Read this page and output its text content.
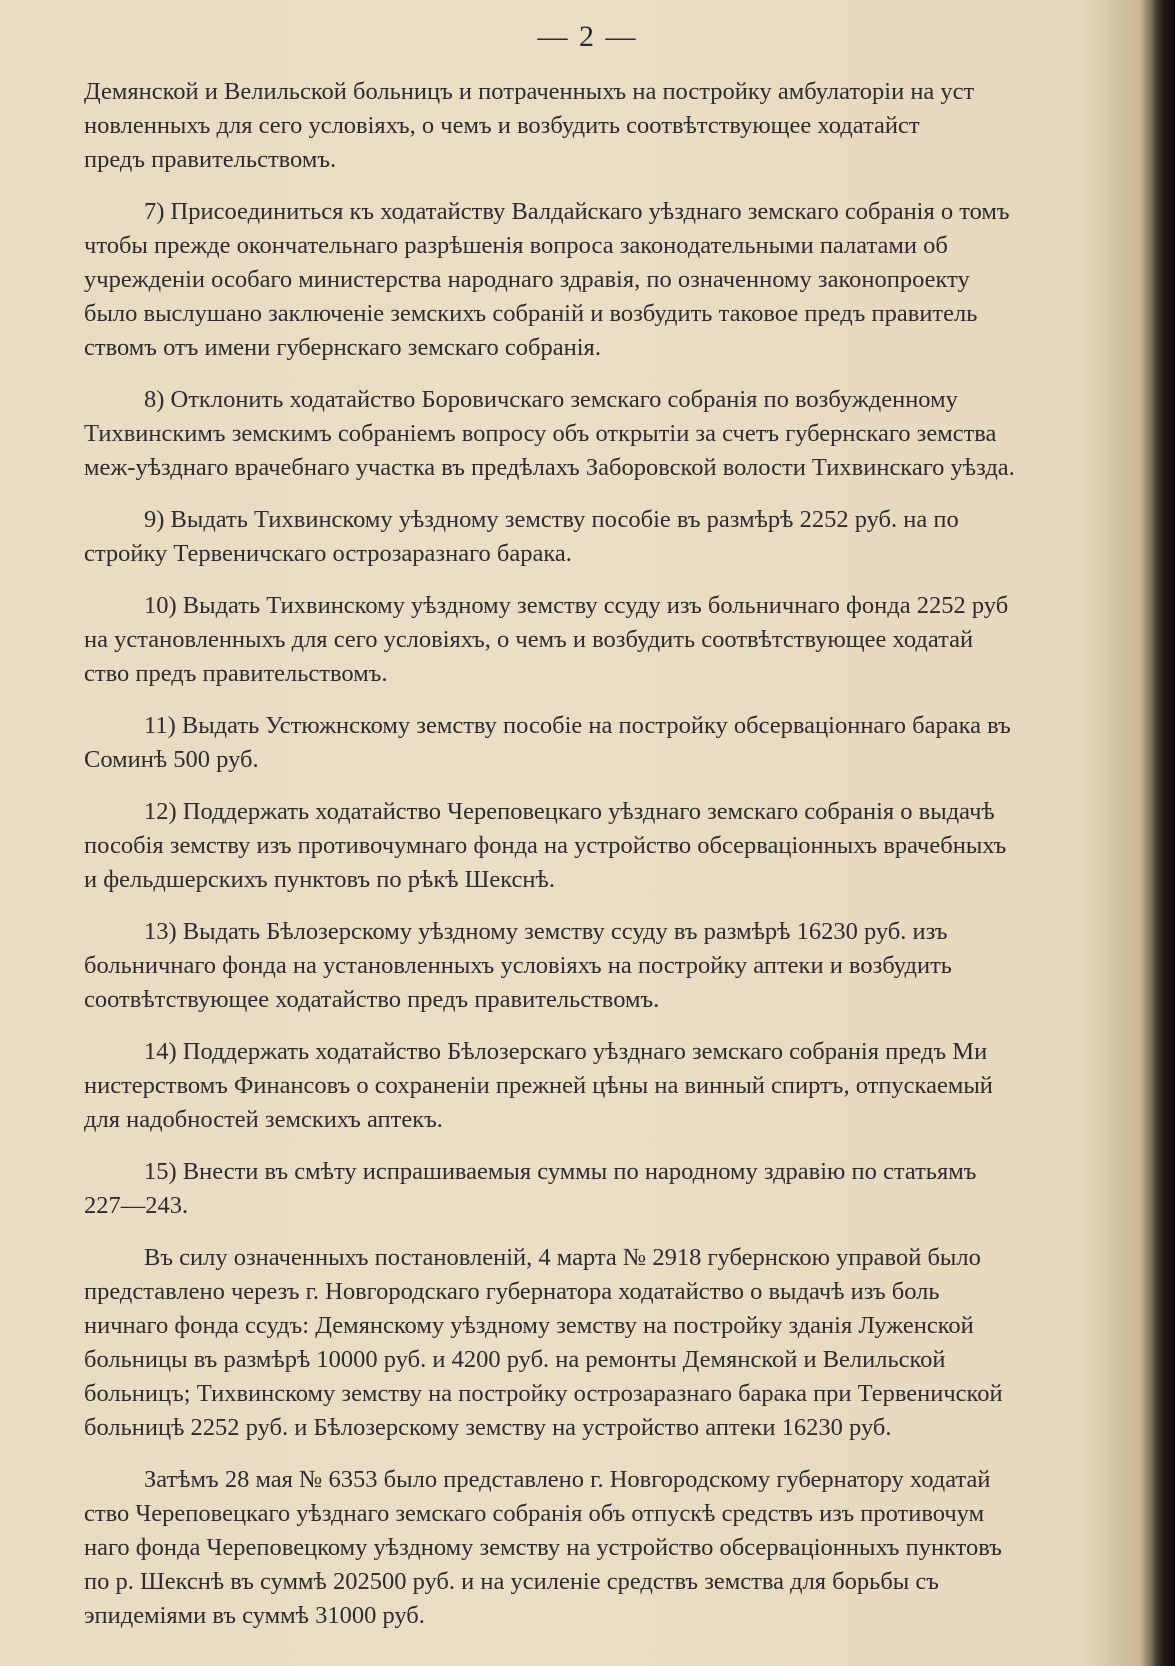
— 2 —
Демянской и Велильской больницъ и потраченныхъ на постройку амбулаторіи на уст
новленныхъ для сего условіяхъ, о чемъ и возбудить соотвѣтствующее ходатайст
предъ правительствомъ.
7) Присоединиться къ ходатайству Валдайскаго уѣзднаго земскаго собранія о томъ
чтобы прежде окончательнаго разрѣшенія вопроса законодательными палатами об
учрежденіи особаго министерства народнаго здравія, по означенному законопроекту
было выслушано заключеніе земскихъ собраній и возбудить таковое предъ правитель
ствомъ отъ имени губернскаго земскаго собранія.
8) Отклонить ходатайство Боровичскаго земскаго собранія по возбужденному
Тихвинскимъ земскимъ собраніемъ вопросу объ открытіи за счетъ губернскаго земства
меж-уѣзднаго врачебнаго участка въ предѣлахъ Заборовской волости Тихвинскаго уѣзда.
9) Выдать Тихвинскому уѣздному земству пособіе въ размѣрѣ 2252 руб. на по
стройку Тервеничскаго острозаразнаго барака.
10) Выдать Тихвинскому уѣздному земству ссуду изъ больничнаго фонда 2252 руб
на установленныхъ для сего условіяхъ, о чемъ и возбудить соотвѣтствующее ходатай
ство предъ правительствомъ.
11) Выдать Устюжнскому земству пособіе на постройку обсерваціоннаго барака въ
Соминѣ 500 руб.
12) Поддержать ходатайство Череповецкаго уѣзднаго земскаго собранія о выдачѣ
пособія земству изъ противочумнаго фонда на устройство обсерваціонныхъ врачебныхъ
и фельдшерскихъ пунктовъ по рѣкѣ Шекснѣ.
13) Выдать Бѣлозерскому уѣздному земству ссуду въ размѣрѣ 16230 руб. изъ
больничнаго фонда на установленныхъ условіяхъ на постройку аптеки и возбудить
соотвѣтствующее ходатайство предъ правительствомъ.
14) Поддержать ходатайство Бѣлозерскаго уѣзднаго земскаго собранія предъ Ми
нистерствомъ Финансовъ о сохраненіи прежней цѣны на винный спиртъ, отпускаемый
для надобностей земскихъ аптекъ.
15) Внести въ смѣту испрашиваемыя суммы по народному здравію по статьямъ
227—243.
Въ силу означенныхъ постановленій, 4 марта № 2918 губернскою управой было
представлено черезъ г. Новгородскаго губернатора ходатайство о выдачѣ изъ боль
ничнаго фонда ссудъ: Демянскому уѣздному земству на постройку зданія Луженской
больницы въ размѣрѣ 10000 руб. и 4200 руб. на ремонты Демянской и Велильской
больницъ; Тихвинскому земству на постройку острозаразнаго барака при Тервеничской
больницѣ 2252 руб. и Бѣлозерскому земству на устройство аптеки 16230 руб.
Затѣмъ 28 мая № 6353 было представлено г. Новгородскому губернатору ходатай
ство Череповецкаго уѣзднаго земскаго собранія объ отпускѣ средствъ изъ противочум
наго фонда Череповецкому уѣздному земству на устройство обсерваціонныхъ пунктовъ
по р. Шекснѣ въ суммѣ 202500 руб. и на усиленіе средствъ земства для борьбы съ
эпидеміями въ суммѣ 31000 руб.
